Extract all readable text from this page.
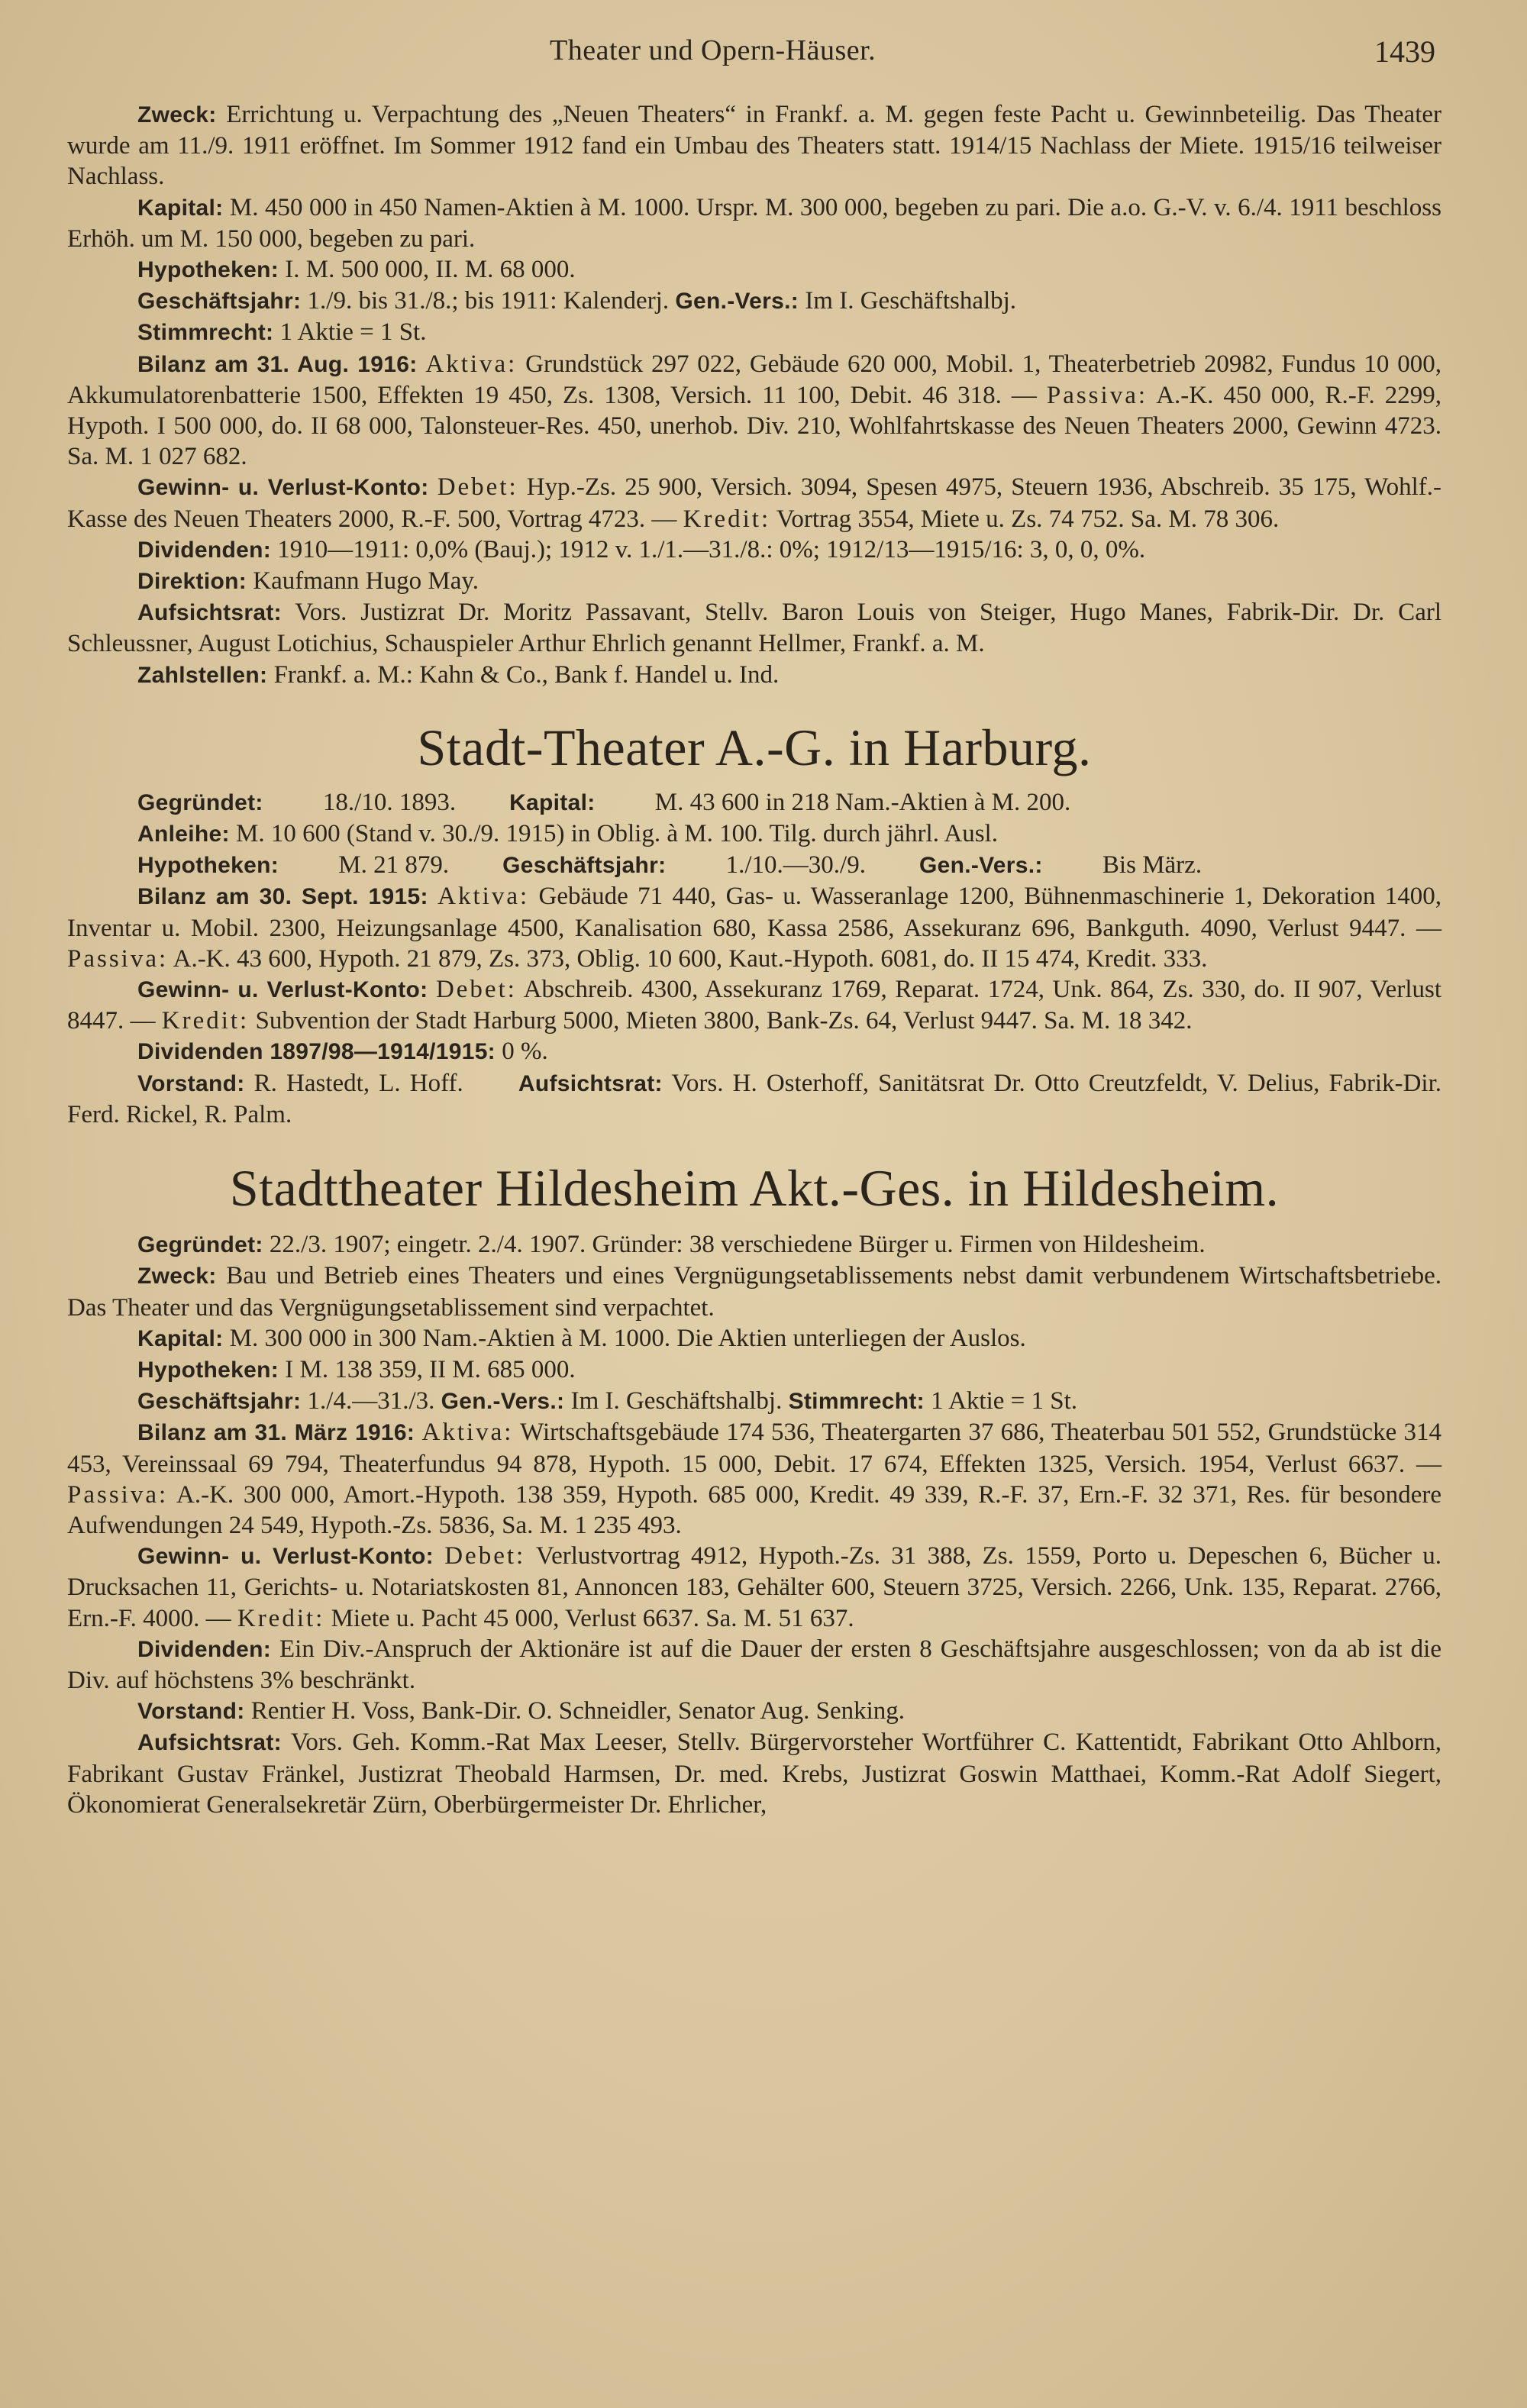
Theater und Opern-Häuser.	1439

Zweck: Errichtung u. Verpachtung des „Neuen Theaters“ in Frankf. a. M. gegen feste Pacht u. Gewinnbeteilig. Das Theater wurde am 11./9. 1911 eröffnet. Im Sommer 1912 fand ein Umbau des Theaters statt. 1914/15 Nachlass der Miete. 1915/16 teilweiser Nachlass.

Kapital: M. 450 000 in 450 Namen-Aktien à M. 1000. Urspr. M. 300 000, begeben zu pari. Die a.o. G.-V. v. 6./4. 1911 beschloss Erhöh. um M. 150 000, begeben zu pari.

Hypotheken: I. M. 500 000, II. M. 68 000.

Geschäftsjahr: 1./9. bis 31./8.; bis 1911: Kalenderj. Gen.-Vers.: Im I. Geschäftshalbj.

Stimmrecht: 1 Aktie = 1 St.

Bilanz am 31. Aug. 1916: Aktiva: Grundstück 297 022, Gebäude 620 000, Mobil. 1, Theaterbetrieb 20982, Fundus 10 000, Akkumulatorenbatterie 1500, Effekten 19 450, Zs. 1308, Versich. 11 100, Debit. 46 318. — Passiva: A.-K. 450 000, R.-F. 2299, Hypoth. I 500 000, do. II 68 000, Talonsteuer-Res. 450, unerhob. Div. 210, Wohlfahrtskasse des Neuen Theaters 2000, Gewinn 4723. Sa. M. 1 027 682.

Gewinn- u. Verlust-Konto: Debet: Hyp.-Zs. 25 900, Versich. 3094, Spesen 4975, Steuern 1936, Abschreib. 35 175, Wohlf.-Kasse des Neuen Theaters 2000, R.-F. 500, Vortrag 4723. — Kredit: Vortrag 3554, Miete u. Zs. 74 752. Sa. M. 78 306.

Dividenden: 1910—1911: 0,0% (Bauj.); 1912 v. 1./1.—31./8.: 0%; 1912/13—1915/16: 3, 0, 0, 0%.

Direktion: Kaufmann Hugo May.

Aufsichtsrat: Vors. Justizrat Dr. Moritz Passavant, Stellv. Baron Louis von Steiger, Hugo Manes, Fabrik-Dir. Dr. Carl Schleussner, August Lotichius, Schauspieler Arthur Ehrlich genannt Hellmer, Frankf. a. M.

Zahlstellen: Frankf. a. M.: Kahn & Co., Bank f. Handel u. Ind.

Stadt-Theater A.-G. in Harburg.

Gegründet: 18./10. 1893. Kapital: M. 43 600 in 218 Nam.-Aktien à M. 200.

Anleihe: M. 10 600 (Stand v. 30./9. 1915) in Oblig. à M. 100. Tilg. durch jährl. Ausl.

Hypotheken: M. 21 879. Geschäftsjahr: 1./10.—30./9. Gen.-Vers.: Bis März.

Bilanz am 30. Sept. 1915: Aktiva: Gebäude 71 440, Gas- u. Wasseranlage 1200, Bühnenmaschinerie 1, Dekoration 1400, Inventar u. Mobil. 2300, Heizungsanlage 4500, Kanalisation 680, Kassa 2586, Assekuranz 696, Bankguth. 4090, Verlust 9447. — Passiva: A.-K. 43 600, Hypoth. 21 879, Zs. 373, Oblig. 10 600, Kaut.-Hypoth. 6081, do. II 15 474, Kredit. 333.

Gewinn- u. Verlust-Konto: Debet: Abschreib. 4300, Assekuranz 1769, Reparat. 1724, Unk. 864, Zs. 330, do. II 907, Verlust 8447. — Kredit: Subvention der Stadt Harburg 5000, Mieten 3800, Bank-Zs. 64, Verlust 9447. Sa. M. 18 342.

Dividenden 1897/98—1914/1915: 0 %.

Vorstand: R. Hastedt, L. Hoff. Aufsichtsrat: Vors. H. Osterhoff, Sanitätsrat Dr. Otto Creutzfeldt, V. Delius, Fabrik-Dir. Ferd. Rickel, R. Palm.

Stadttheater Hildesheim Akt.-Ges. in Hildesheim.

Gegründet: 22./3. 1907; eingetr. 2./4. 1907. Gründer: 38 verschiedene Bürger u. Firmen von Hildesheim.

Zweck: Bau und Betrieb eines Theaters und eines Vergnügungsetablissements nebst damit verbundenem Wirtschaftsbetriebe. Das Theater und das Vergnügungsetablissement sind verpachtet.

Kapital: M. 300 000 in 300 Nam.-Aktien à M. 1000. Die Aktien unterliegen der Auslos.

Hypotheken: I M. 138 359, II M. 685 000.

Geschäftsjahr: 1./4.—31./3. Gen.-Vers.: Im I. Geschäftshalbj. Stimmrecht: 1 Aktie = 1 St.

Bilanz am 31. März 1916: Aktiva: Wirtschaftsgebäude 174 536, Theatergarten 37 686, Theaterbau 501 552, Grundstücke 314 453, Vereinssaal 69 794, Theaterfundus 94 878, Hypoth. 15 000, Debit. 17 674, Effekten 1325, Versich. 1954, Verlust 6637. — Passiva: A.-K. 300 000, Amort.-Hypoth. 138 359, Hypoth. 685 000, Kredit. 49 339, R.-F. 37, Ern.-F. 32 371, Res. für besondere Aufwendungen 24 549, Hypoth.-Zs. 5836, Sa. M. 1 235 493.

Gewinn- u. Verlust-Konto: Debet: Verlustvortrag 4912, Hypoth.-Zs. 31 388, Zs. 1559, Porto u. Depeschen 6, Bücher u. Drucksachen 11, Gerichts- u. Notariatskosten 81, Annoncen 183, Gehälter 600, Steuern 3725, Versich. 2266, Unk. 135, Reparat. 2766, Ern.-F. 4000. — Kredit: Miete u. Pacht 45 000, Verlust 6637. Sa. M. 51 637.

Dividenden: Ein Div.-Anspruch der Aktionäre ist auf die Dauer der ersten 8 Geschäftsjahre ausgeschlossen; von da ab ist die Div. auf höchstens 3% beschränkt.

Vorstand: Rentier H. Voss, Bank-Dir. O. Schneidler, Senator Aug. Senking.

Aufsichtsrat: Vors. Geh. Komm.-Rat Max Leeser, Stellv. Bürgervorsteher Wortführer C. Kattentidt, Fabrikant Otto Ahlborn, Fabrikant Gustav Fränkel, Justizrat Theobald Harmsen, Dr. med. Krebs, Justizrat Goswin Matthaei, Komm.-Rat Adolf Siegert, Ökonomierat Generalsekretär Zürn, Oberbürgermeister Dr. Ehrlicher,
